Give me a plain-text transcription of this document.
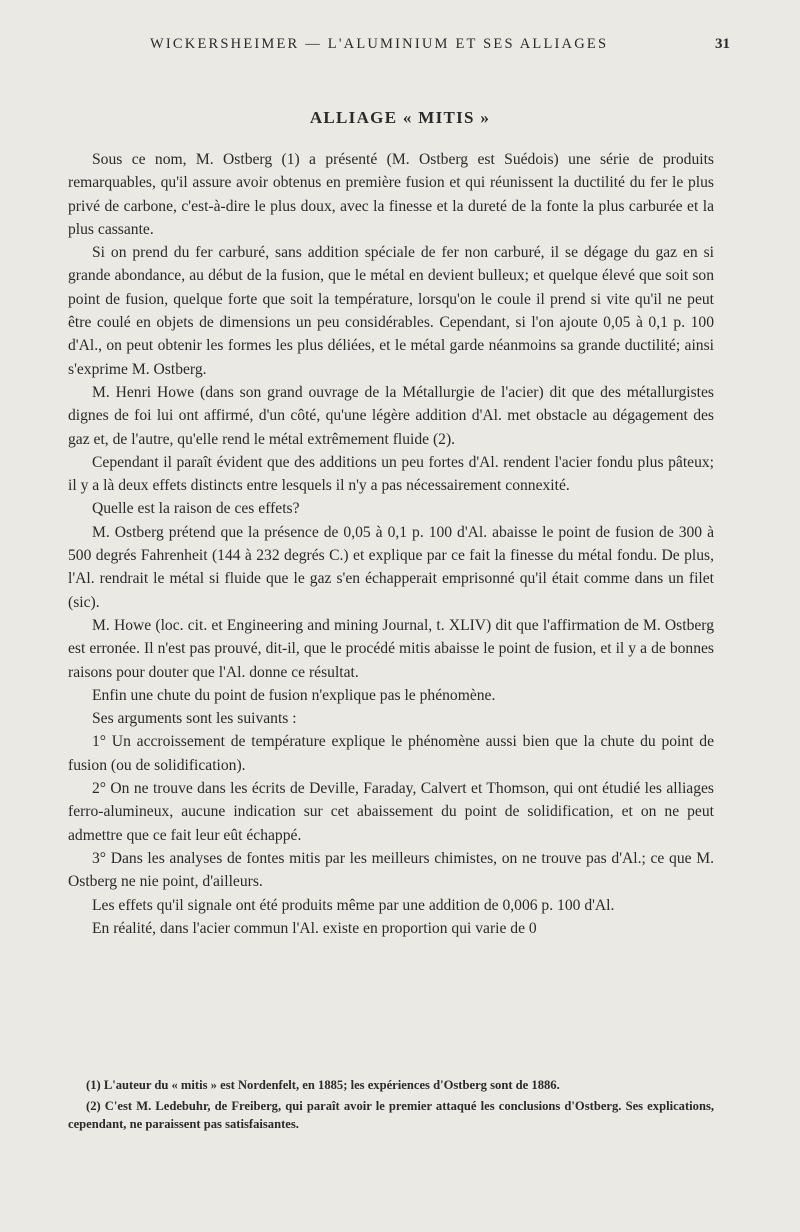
WICKERSHEIMER — L'ALUMINIUM ET SES ALLIAGES	31
ALLIAGE « MITIS »

Sous ce nom, M. Ostberg (1) a présenté (M. Ostberg est Suédois) une série de produits remarquables, qu'il assure avoir obtenus en première fusion et qui réunissent la ductilité du fer le plus privé de carbone, c'est-à-dire le plus doux, avec la finesse et la dureté de la fonte la plus carburée et la plus cassante.

Si on prend du fer carburé, sans addition spéciale de fer non carburé, il se dégage du gaz en si grande abondance, au début de la fusion, que le métal en devient bulleux; et quelque élevé que soit son point de fusion, quelque forte que soit la température, lorsqu'on le coule il prend si vite qu'il ne peut être coulé en objets de dimensions un peu considérables. Cependant, si l'on ajoute 0,05 à 0,1 p. 100 d'Al., on peut obtenir les formes les plus déliées, et le métal garde néanmoins sa grande ductilité; ainsi s'exprime M. Ostberg.

M. Henri Howe (dans son grand ouvrage de la Métallurgie de l'acier) dit que des métallurgistes dignes de foi lui ont affirmé, d'un côté, qu'une légère addition d'Al. met obstacle au dégagement des gaz et, de l'autre, qu'elle rend le métal extrêmement fluide (2).

Cependant il paraît évident que des additions un peu fortes d'Al. rendent l'acier fondu plus pâteux; il y a là deux effets distincts entre lesquels il n'y a pas nécessairement connexité.

Quelle est la raison de ces effets?

M. Ostberg prétend que la présence de 0,05 à 0,1 p. 100 d'Al. abaisse le point de fusion de 300 à 500 degrés Fahrenheit (144 à 232 degrés C.) et explique par ce fait la finesse du métal fondu. De plus, l'Al. rendrait le métal si fluide que le gaz s'en échapperait emprisonné qu'il était comme dans un filet (sic).

M. Howe (loc. cit. et Engineering and mining Journal, t. XLIV) dit que l'affirmation de M. Ostberg est erronée. Il n'est pas prouvé, dit-il, que le procédé mitis abaisse le point de fusion, et il y a de bonnes raisons pour douter que l'Al. donne ce résultat.

Enfin une chute du point de fusion n'explique pas le phénomène.

Ses arguments sont les suivants :

1° Un accroissement de température explique le phénomène aussi bien que la chute du point de fusion (ou de solidification).

2° On ne trouve dans les écrits de Deville, Faraday, Calvert et Thomson, qui ont étudié les alliages ferro-alumineux, aucune indication sur cet abaissement du point de solidification, et on ne peut admettre que ce fait leur eût échappé.

3° Dans les analyses de fontes mitis par les meilleurs chimistes, on ne trouve pas d'Al.; ce que M. Ostberg ne nie point, d'ailleurs.

Les effets qu'il signale ont été produits même par une addition de 0,006 p. 100 d'Al.

En réalité, dans l'acier commun l'Al. existe en proportion qui varie de 0

(1) L'auteur du « mitis » est Nordenfelt, en 1885; les expériences d'Ostberg sont de 1886.

(2) C'est M. Ledebuhr, de Freiberg, qui paraît avoir le premier attaqué les conclusions d'Ostberg. Ses explications, cependant, ne paraissent pas satisfaisantes.
